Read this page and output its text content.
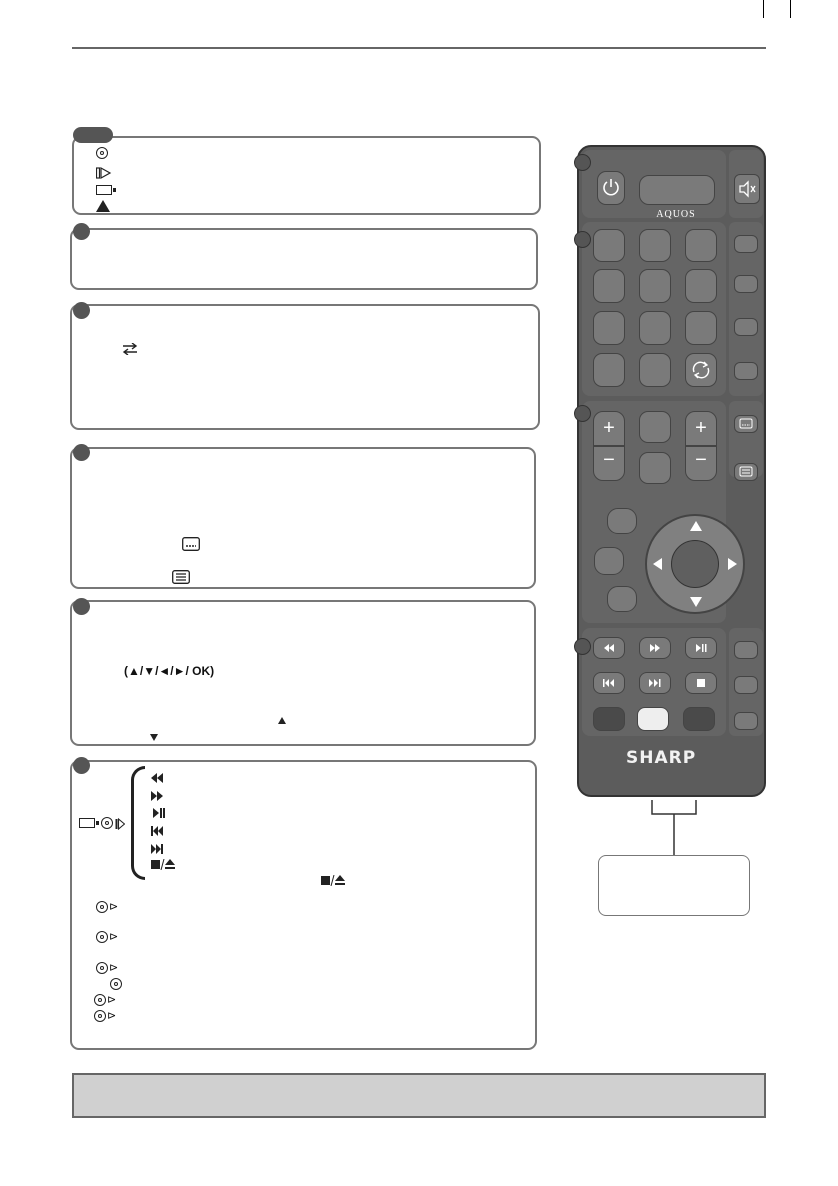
(▲/▼/◄/►/ OK)
⊳
⊳
⊳
⊳
⊳
AQUOS
+
−
+
−
SHARP
